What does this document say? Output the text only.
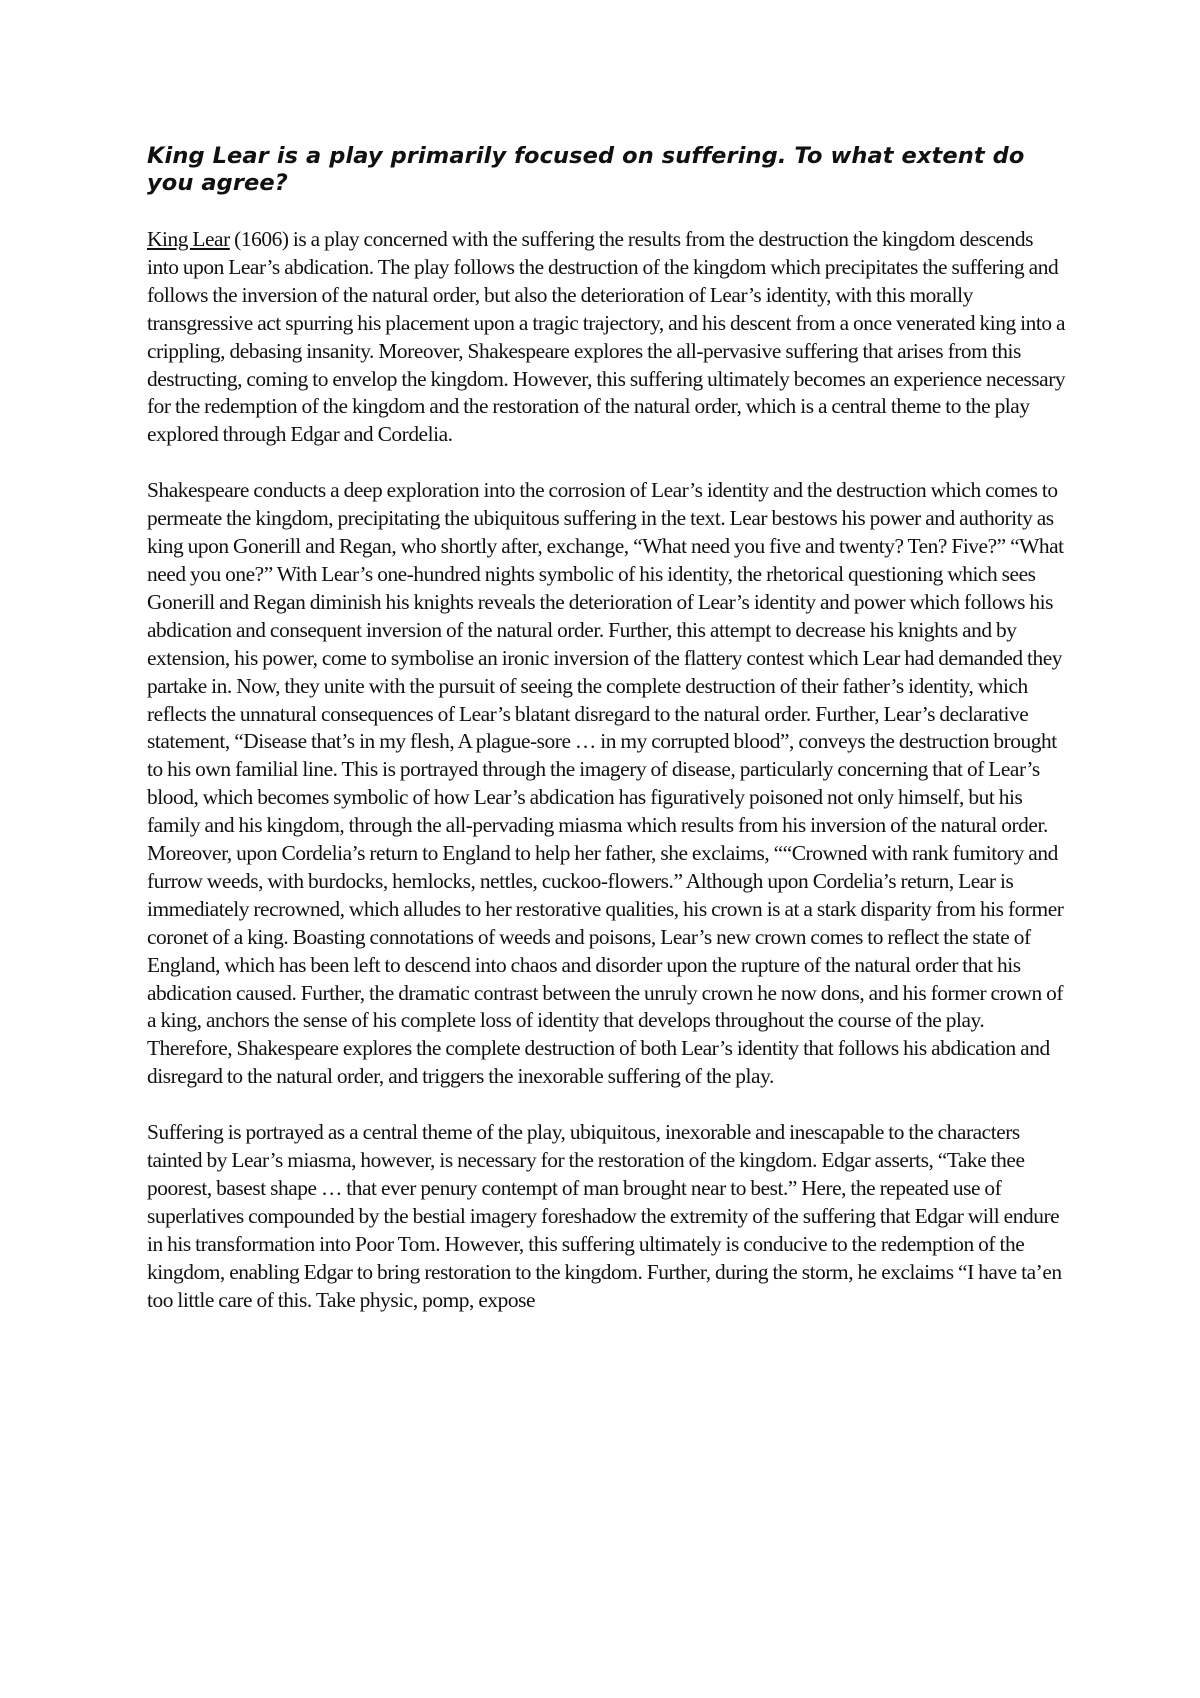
King Lear is a play primarily focused on suffering. To what extent do you agree?

King Lear (1606) is a play concerned with the suffering the results from the destruction the kingdom descends into upon Lear’s abdication. The play follows the destruction of the kingdom which precipitates the suffering and follows the inversion of the natural order, but also the deterioration of Lear’s identity, with this morally transgressive act spurring his placement upon a tragic trajectory, and his descent from a once venerated king into a crippling, debasing insanity. Moreover, Shakespeare explores the all-pervasive suffering that arises from this destructing, coming to envelop the kingdom. However, this suffering ultimately becomes an experience necessary for the redemption of the kingdom and the restoration of the natural order, which is a central theme to the play explored through Edgar and Cordelia.

Shakespeare conducts a deep exploration into the corrosion of Lear’s identity and the destruction which comes to permeate the kingdom, precipitating the ubiquitous suffering in the text. Lear bestows his power and authority as king upon Gonerill and Regan, who shortly after, exchange, “What need you five and twenty? Ten? Five?” “What need you one?” With Lear’s one-hundred nights symbolic of his identity, the rhetorical questioning which sees Gonerill and Regan diminish his knights reveals the deterioration of Lear’s identity and power which follows his abdication and consequent inversion of the natural order. Further, this attempt to decrease his knights and by extension, his power, come to symbolise an ironic inversion of the flattery contest which Lear had demanded they partake in. Now, they unite with the pursuit of seeing the complete destruction of their father’s identity, which reflects the unnatural consequences of Lear’s blatant disregard to the natural order. Further, Lear’s declarative statement, “Disease that’s in my flesh, A plague-sore … in my corrupted blood”, conveys the destruction brought to his own familial line. This is portrayed through the imagery of disease, particularly concerning that of Lear’s blood, which becomes symbolic of how Lear’s abdication has figuratively poisoned not only himself, but his family and his kingdom, through the all-pervading miasma which results from his inversion of the natural order. Moreover, upon Cordelia’s return to England to help her father, she exclaims, ““Crowned with rank fumitory and furrow weeds, with burdocks, hemlocks, nettles, cuckoo-flowers.” Although upon Cordelia’s return, Lear is immediately recrowned, which alludes to her restorative qualities, his crown is at a stark disparity from his former coronet of a king. Boasting connotations of weeds and poisons, Lear’s new crown comes to reflect the state of England, which has been left to descend into chaos and disorder upon the rupture of the natural order that his abdication caused. Further, the dramatic contrast between the unruly crown he now dons, and his former crown of a king, anchors the sense of his complete loss of identity that develops throughout the course of the play. Therefore, Shakespeare explores the complete destruction of both Lear’s identity that follows his abdication and disregard to the natural order, and triggers the inexorable suffering of the play.

Suffering is portrayed as a central theme of the play, ubiquitous, inexorable and inescapable to the characters tainted by Lear’s miasma, however, is necessary for the restoration of the kingdom. Edgar asserts, “Take thee poorest, basest shape … that ever penury contempt of man brought near to best.” Here, the repeated use of superlatives compounded by the bestial imagery foreshadow the extremity of the suffering that Edgar will endure in his transformation into Poor Tom. However, this suffering ultimately is conducive to the redemption of the kingdom, enabling Edgar to bring restoration to the kingdom. Further, during the storm, he exclaims “I have ta’en too little care of this. Take physic, pomp, expose
